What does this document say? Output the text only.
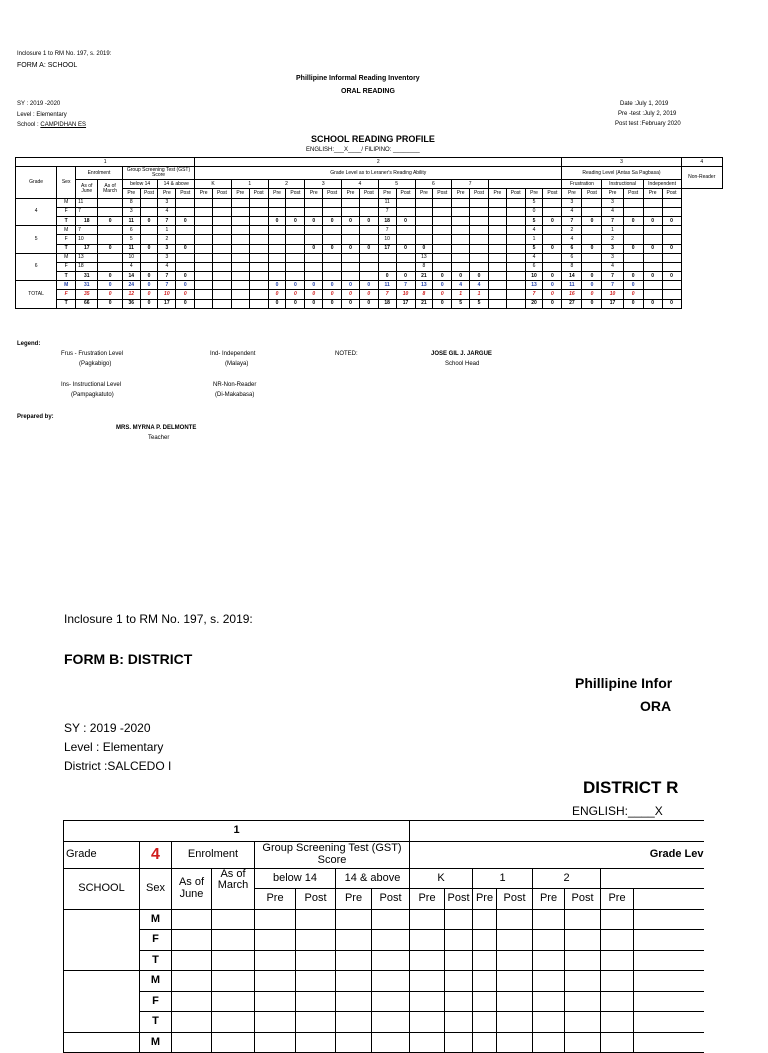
Inclosure 1 to RM No. 197, s. 2019:
FORM A: SCHOOL
Phillipine Informal Reading Inventory
ORAL READING
SY : 2019 -2020
Level : Elementary
School : CAMPIDHAN ES
Date :July 1, 2019
Pre -test :July 2, 2019
Post test :February 2020
SCHOOL READING PROFILE
ENGLISH:___X____/ FILIPINO: ________
1								2																				3						4
Grade	Sex	Enrolment		Group Screening Test (GST) Score				Grade Level as to Leraner's Reading Ability																				Reading Level (Antas Sa Pagbasa)						Non-Reader
		As of June	As of March	below 14		14 & above		K		1		2		3		4		5		6		7						Frustration		Instructional		Independent		
				Pre	Post	Pre	Post	Pre	Post	Pre	Post	Pre	Post	Pre	Post	Pre	Post	Pre	Post	Pre	Post	Pre	Post	Pre	Post	Pre	Post	Pre	Post	Pre	Post	Pre	Post	
4	M	11		8		3												11								5		3		3				
	F	7		3		4												7								0		4		4				
	T	18	0	11	0	7	0					0	0	0	0	0	0	18	0							5	0	7	0	7	0	0	0	
5	M	7		6		1												7								4		2		1				
	F	10		5		2												10								1		4		2				
	T	17	0	11	0	3	0							0	0	0	0	17	0	0						5	0	6	0	3	0	0	0	
6	M	13		10		3														13						4		6		3				
	F	18		4		4														8						6		8		4				
	T	31	0	14	0	7	0											0	0	21	0	0	0			10	0	14	0	7	0	0	0	
TOTAL	M	31	0	24	0	7	0					0	0	0	0	0	0	11	7	13	0	4	4			13	0	11	0	7	0			
	F	35	0	12	0	10	0					0	0	0	0	0	0	7	10	8	0	1	1			7	0	16	0	10	0			
	T	66	0	36	0	17	0					0	0	0	0	0	0	18	17	21	0	5	5			20	0	27	0	17	0	0	0	
Legend:
Frus - Frustration Level
(Pagkabigo)
Ind- Independent
(Malaya)
NOTED:	JOSE GIL J. JARGUE
School Head
Ins- Instructional Level
(Pampagkatuto)
NR-Non-Reader
(Di-Makabasa)
Prepared by:
MRS. MYRNA P. DELMONTE
Teacher
Inclosure 1 to RM No. 197, s. 2019:
FORM B: DISTRICT
Phillipine Infor
ORA
SY : 2019 -2020
Level : Elementary
District :SALCEDO I
DISTRICT R
ENGLISH:____X
1															
Grade	4	Enrolment		Group Screening Test (GST) Score				Grade Lev							
SCHOOL	Sex	As of June	As of March	below 14		14 & above		K		1		2			
				Pre	Post	Pre	Post	Pre	Post	Pre	Post	Pre	Post	Pre	
	M														
	F														
	T														
	M														
	F														
	T														
	M														
